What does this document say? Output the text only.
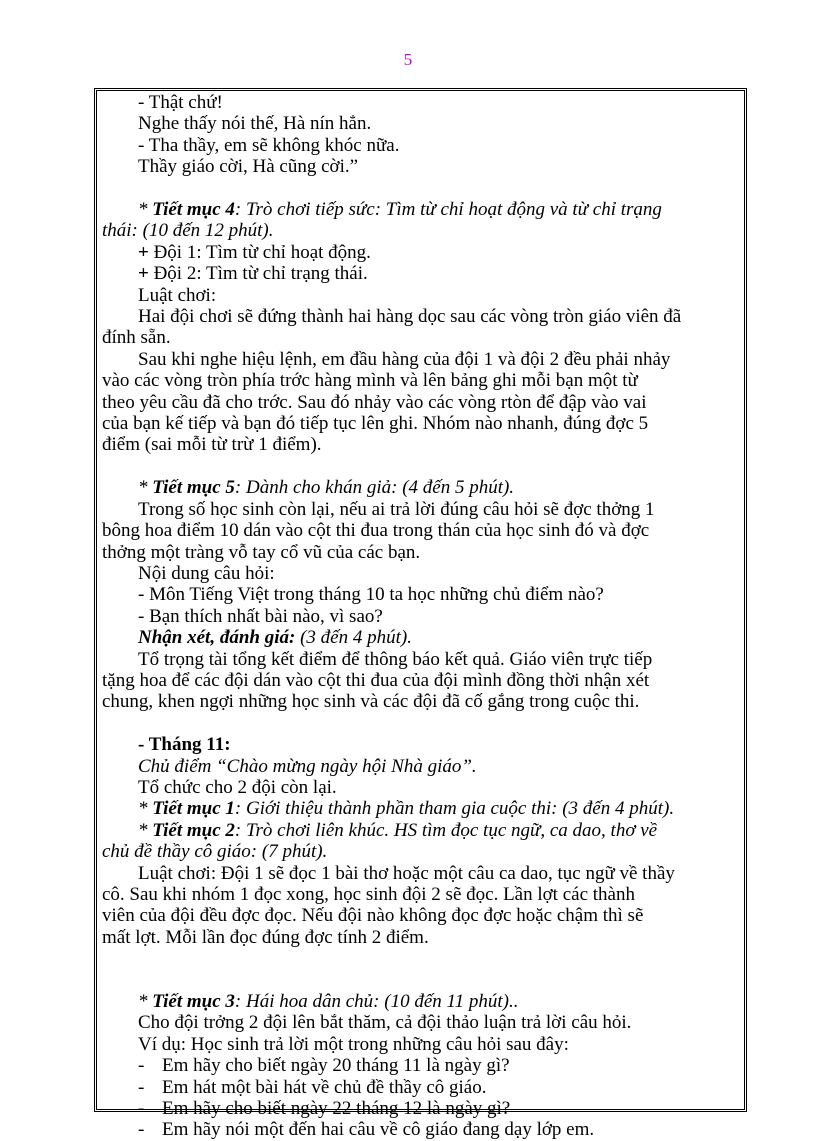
5
- Thật chứ!
Nghe thấy nói thế, Hà nín hẳn.
- Tha thầy, em sẽ không khóc nữa.
Thầy giáo cời, Hà cũng cời.”
* Tiết mục 4: Trò chơi tiếp sức: Tìm từ chỉ hoạt động và từ chỉ trạng
thái: (10 đến 12 phút).
+ Đội 1: Tìm từ chỉ hoạt động.
+ Đội 2: Tìm từ chỉ trạng thái.
Luật chơi:
Hai đội chơi sẽ đứng thành hai hàng dọc sau các vòng tròn giáo viên đã
đính sẵn.
Sau khi nghe hiệu lệnh, em đầu hàng của đội 1 và đội 2 đều phải nhảy
vào các vòng tròn phía trớc hàng mình và lên bảng ghi mỗi bạn một từ
theo yêu cầu đã cho trớc. Sau đó nhảy vào các vòng rtòn để đập vào vai
của bạn kế tiếp và bạn đó tiếp tục lên ghi. Nhóm nào nhanh, đúng đợc 5
điểm (sai mỗi từ trừ 1 điểm).
* Tiết mục 5: Dành cho khán giả: (4 đến 5 phút).
Trong số học sinh còn lại, nếu ai trả lời đúng câu hỏi sẽ đợc thởng 1
bông hoa điểm 10 dán vào cột thi đua trong thán của học sinh đó và đợc
thởng một tràng vỗ tay cổ vũ của các bạn.
Nội dung câu hỏi:
- Môn Tiếng Việt trong tháng 10 ta học những chủ điểm nào?
- Bạn thích nhất bài nào, vì sao?
Nhận xét, đánh giá: (3 đến 4 phút).
Tổ trọng tài tổng kết điểm để thông báo kết quả. Giáo viên trực tiếp
tặng hoa để các đội dán vào cột thi đua của đội mình đồng thời nhận xét
chung, khen ngợi những học sinh và các đội đã cố gắng trong cuộc thi.
- Tháng 11:
Chủ điểm “Chào mừng ngày hội Nhà giáo”.
Tổ chức cho 2 đội còn lại.
* Tiết mục 1: Giới thiệu thành phần tham gia cuộc thi: (3 đến 4 phút).
* Tiết mục 2: Trò chơi liên khúc. HS tìm đọc tục ngữ, ca dao, thơ về
chủ đề thầy cô giáo: (7 phút).
Luật chơi: Đội 1 sẽ đọc 1 bài thơ hoặc một câu ca dao, tục ngữ về thầy
cô. Sau khi nhóm 1 đọc xong, học sinh đội 2 sẽ đọc. Lần lợt các thành
viên của đội đều đợc đọc. Nếu đội nào không đọc đợc hoặc chậm thì sẽ
mất lợt. Mỗi lần đọc đúng đợc tính 2 điểm.
* Tiết mục 3: Hái hoa dân chủ: (10 đến 11 phút)..
Cho đội trởng 2 đội lên bắt thăm, cả đội thảo luận trả lời câu hỏi.
Ví dụ: Học sinh trả lời một trong những câu hỏi sau đây:
- Em hãy cho biết ngày 20 tháng 11 là ngày gì?
- Em hát một bài hát về chủ đề thầy cô giáo.
- Em hãy cho biết ngày 22 tháng 12 là ngày gì?
- Em hãy nói một đến hai câu về cô giáo đang dạy lớp em.
